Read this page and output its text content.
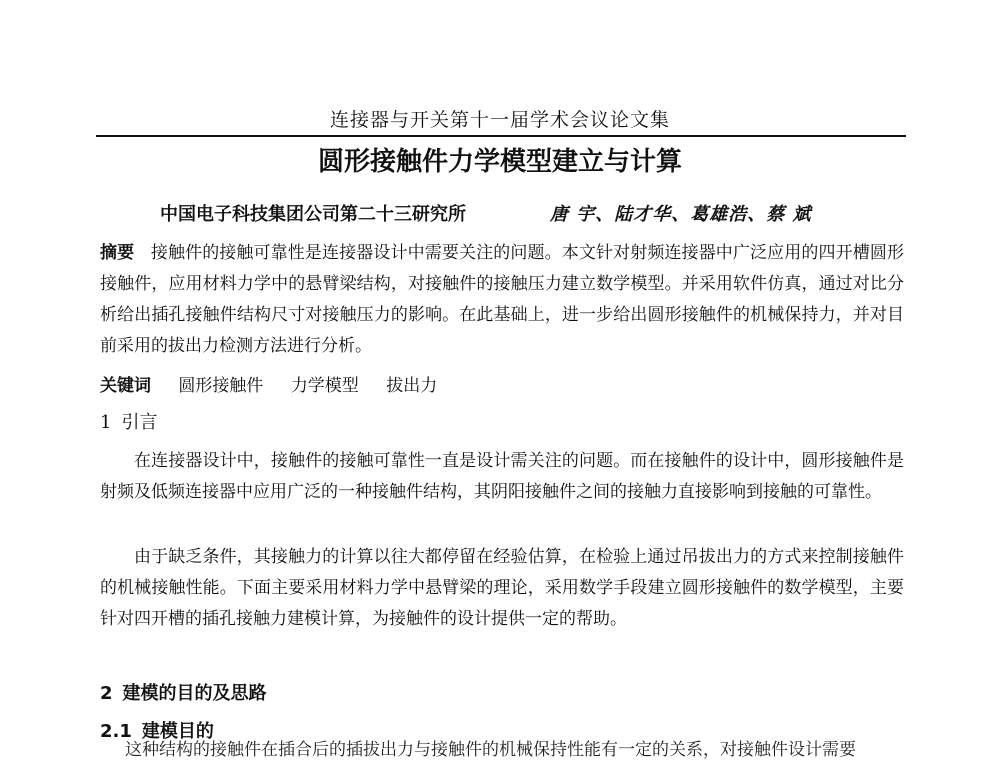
连接器与开关第十一届学术会议论文集
圆形接触件力学模型建立与计算
中国电子科技集团公司第二十三研究所	唐 宇、陆才华、葛雄浩、蔡 斌
摘要 接触件的接触可靠性是连接器设计中需要关注的问题。本文针对射频连接器中广泛应用的四开槽圆形接触件，应用材料力学中的悬臂梁结构，对接触件的接触压力建立数学模型。并采用软件仿真，通过对比分析给出插孔接触件结构尺寸对接触压力的影响。在此基础上，进一步给出圆形接触件的机械保持力，并对目前采用的拔出力检测方法进行分析。
关键词 圆形接触件 力学模型 拔出力
1 引言
在连接器设计中，接触件的接触可靠性一直是设计需关注的问题。而在接触件的设计中，圆形接触件是射频及低频连接器中应用广泛的一种接触件结构，其阴阳接触件之间的接触力直接影响到接触的可靠性。
由于缺乏条件，其接触力的计算以往大都停留在经验估算，在检验上通过吊拔出力的方式来控制接触件的机械接触性能。下面主要采用材料力学中悬臂梁的理论，采用数学手段建立圆形接触件的数学模型，主要针对四开槽的插孔接触力建模计算，为接触件的设计提供一定的帮助。
2 建模的目的及思路
2.1 建模目的
这种结构的接触件在插合后的插拔出力与接触件的机械保持性能有一定的关系，对接触件设计需要
